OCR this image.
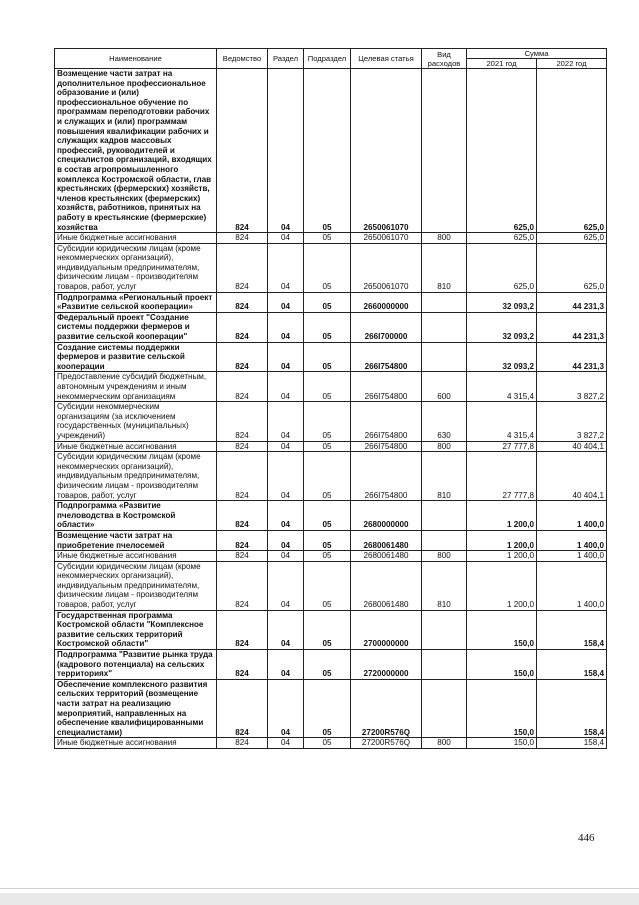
Наименование	Ведомство	Раздел	Подраздел	Целевая статья	Вид расходов	Сумма	
						2021 год	2022 год
Возмещение части затрат на дополнительное профессиональное образование и (или) профессиональное обучение по программам переподготовки рабочих и служащих и (или) программам повышения квалификации рабочих и служащих кадров массовых профессий, руководителей и специалистов организаций, входящих в состав агропромышленного комплекса Костромской области, глав крестьянских (фермерских) хозяйств, членов крестьянских (фермерских) хозяйств, работников, принятых на работу в крестьянские (фермерские) хозяйства	824	04	05	2650061070		625,0	625,0
Иные бюджетные ассигнования	824	04	05	2650061070	800	625,0	625,0
Субсидии юридическим лицам (кроме некоммерческих организаций), индивидуальным предпринимателям, физическим лицам - производителям товаров, работ, услуг	824	04	05	2650061070	810	625,0	625,0
Подпрограмма «Региональный проект «Развитие сельской кооперации»	824	04	05	2660000000		32 093,2	44 231,3
Федеральный проект "Создание системы поддержки фермеров и развитие сельской кооперации"	824	04	05	266I700000		32 093,2	44 231,3
Создание системы поддержки фермеров и развитие сельской кооперации	824	04	05	266I754800		32 093,2	44 231,3
Предоставление субсидий бюджетным, автономным учреждениям и иным некоммерческим организациям	824	04	05	266I754800	600	4 315,4	3 827,2
Субсидии некоммерческим организациям (за исключением государственных (муниципальных) учреждений)	824	04	05	266I754800	630	4 315,4	3 827,2
Иные бюджетные ассигнования	824	04	05	266I754800	800	27 777,8	40 404,1
Субсидии юридическим лицам (кроме некоммерческих организаций), индивидуальным предпринимателям, физическим лицам - производителям товаров, работ, услуг	824	04	05	266I754800	810	27 777,8	40 404,1
Подпрограмма «Развитие пчеловодства в Костромской области»	824	04	05	2680000000		1 200,0	1 400,0
Возмещение части затрат на приобретение пчелосемей	824	04	05	2680061480		1 200,0	1 400,0
Иные бюджетные ассигнования	824	04	05	2680061480	800	1 200,0	1 400,0
Субсидии юридическим лицам (кроме некоммерческих организаций), индивидуальным предпринимателям, физическим лицам - производителям товаров, работ, услуг	824	04	05	2680061480	810	1 200,0	1 400,0
Государственная программа Костромской области "Комплексное развитие сельских территорий Костромской области"	824	04	05	2700000000		150,0	158,4
Подпрограмма "Развитие рынка труда (кадрового потенциала) на сельских территориях"	824	04	05	2720000000		150,0	158,4
Обеспечение комплексного развития сельских территорий (возмещение части затрат на реализацию мероприятий, направленных на обеспечение квалифицированными специалистами)	824	04	05	27200R576Q		150,0	158,4
Иные бюджетные ассигнования	824	04	05	27200R576Q	800	150,0	158,4
446
